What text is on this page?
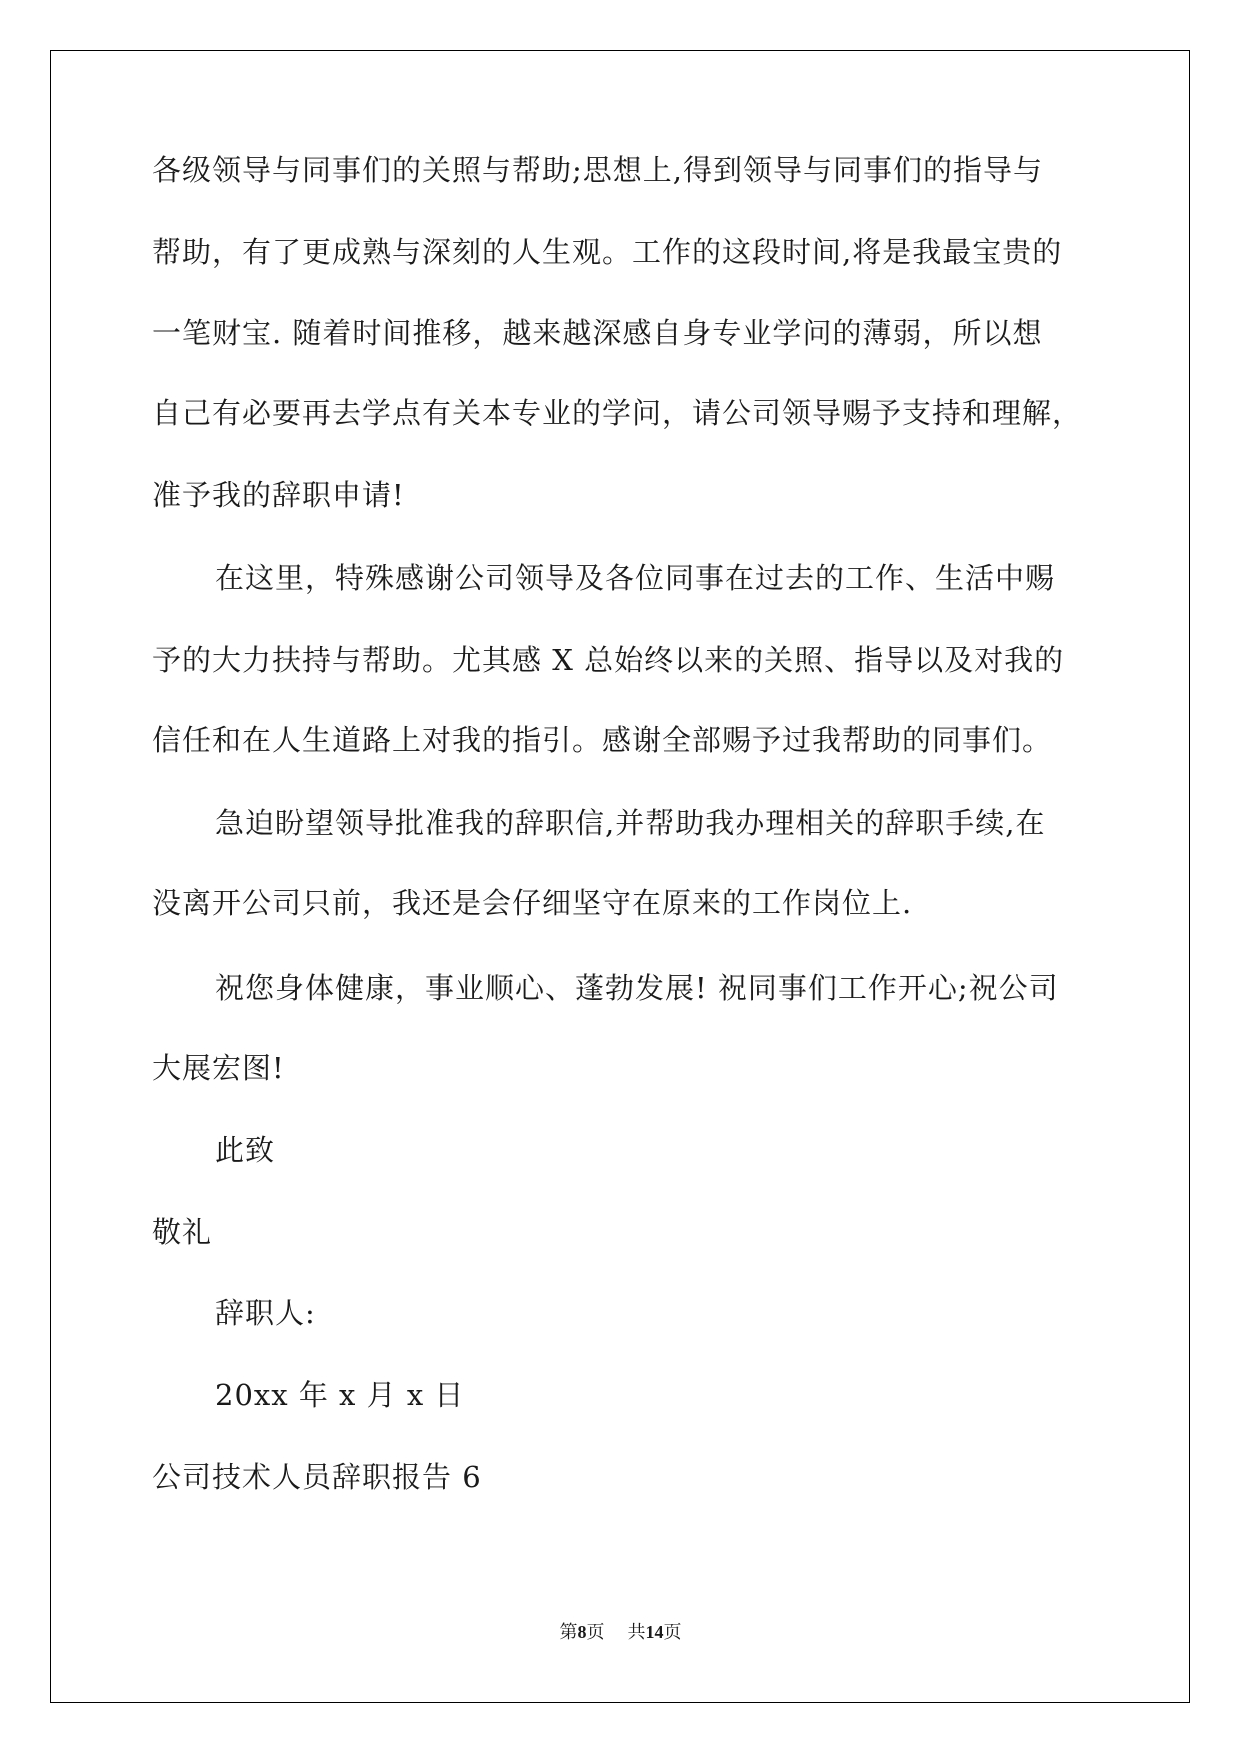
各级领导与同事们的关照与帮助;思想上,得到领导与同事们的指导与
帮助，有了更成熟与深刻的人生观。工作的这段时间,将是我最宝贵的
一笔财宝. 随着时间推移，越来越深感自身专业学问的薄弱，所以想
自己有必要再去学点有关本专业的学问，请公司领导赐予支持和理解，
准予我的辞职申请!
在这里，特殊感谢公司领导及各位同事在过去的工作、生活中赐
予的大力扶持与帮助。尤其感 X 总始终以来的关照、指导以及对我的
信任和在人生道路上对我的指引。感谢全部赐予过我帮助的同事们。
急迫盼望领导批准我的辞职信,并帮助我办理相关的辞职手续,在
没离开公司只前，我还是会仔细坚守在原来的工作岗位上.
祝您身体健康，事业顺心、蓬勃发展! 祝同事们工作开心;祝公司
大展宏图!
此致
敬礼
辞职人:
20xx 年 x 月 x 日
公司技术人员辞职报告 6
第8页 共14页
